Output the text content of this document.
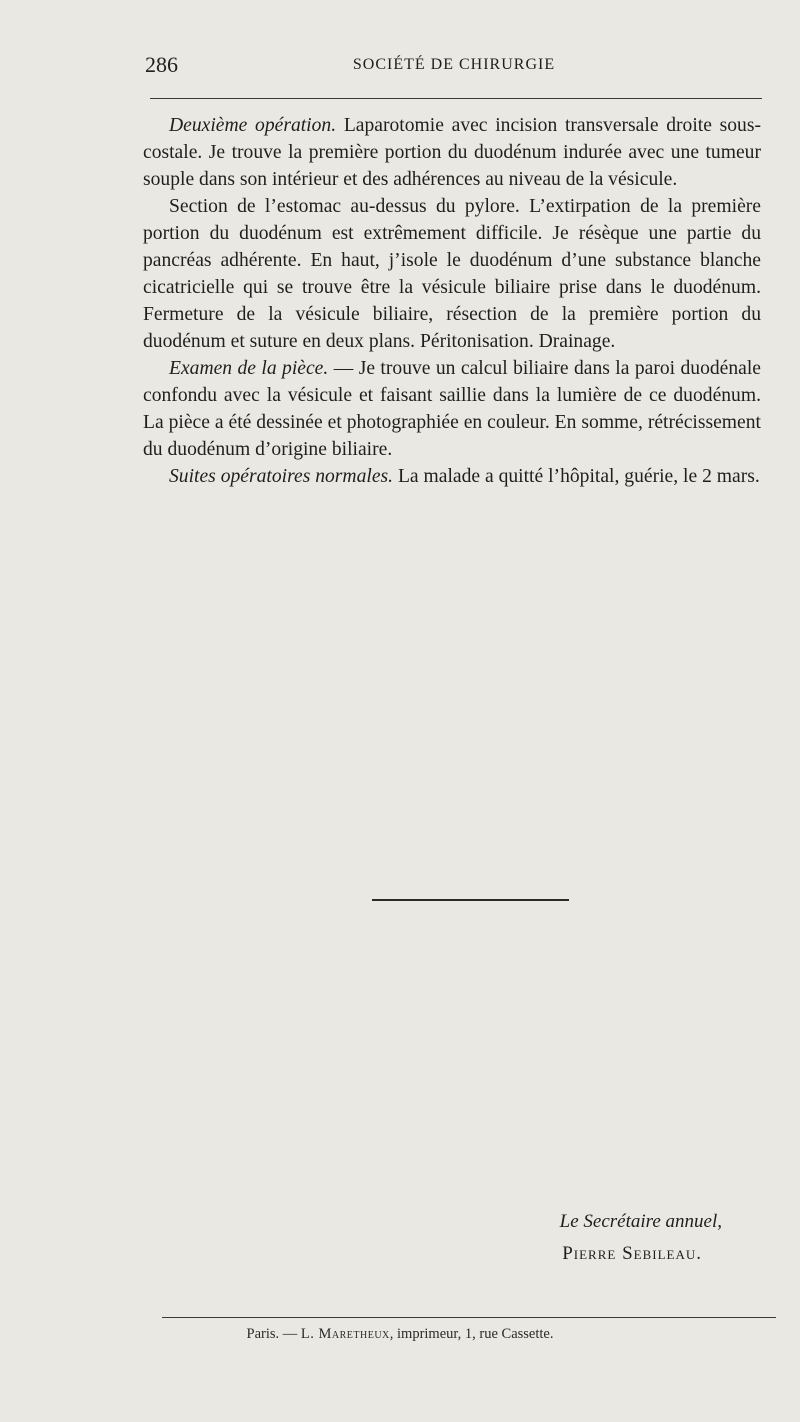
286	SOCIÉTÉ DE CHIRURGIE

Deuxième opération. Laparotomie avec incision transversale droite sous-costale. Je trouve la première portion du duodénum indurée avec une tumeur souple dans son intérieur et des adhérences au niveau de la vésicule.

Section de l’estomac au-dessus du pylore. L’extirpation de la première portion du duodénum est extrêmement difficile. Je résèque une partie du pancréas adhérente. En haut, j’isole le duodénum d’une substance blanche cicatricielle qui se trouve être la vésicule biliaire prise dans le duodénum. Fermeture de la vésicule biliaire, résection de la première portion du duodénum et suture en deux plans. Péritonisation. Drainage.

Examen de la pièce. — Je trouve un calcul biliaire dans la paroi duodénale confondu avec la vésicule et faisant saillie dans la lumière de ce duodénum. La pièce a été dessinée et photographiée en couleur. En somme, rétrécissement du duodénum d’origine biliaire.

Suites opératoires normales. La malade a quitté l’hôpital, guérie, le 2 mars.

Le Secrétaire annuel,
Pierre Sebileau.
Paris. — L. Maretheux, imprimeur, 1, rue Cassette.
